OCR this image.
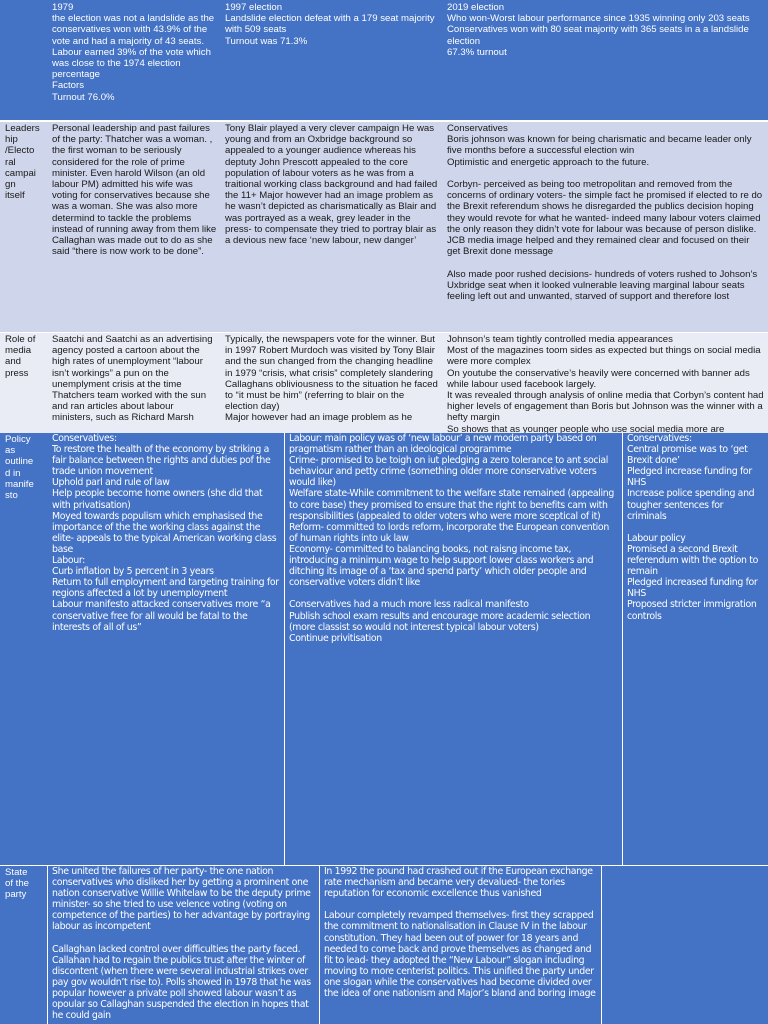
1979
the election was not a landslide as the conservatives won with 43.9% of the vote and had a majority of 43 seats. Labour earned 39% of the vote which was close to the 1974 election percentage
Factors
Turnout 76.0%
1997 election
Landslide election defeat with a 179 seat majority with 509 seats
Turnout was 71.3%
2019 election
Who won-Worst labour performance since 1935 winning only 203 seats
Conservatives won with 80 seat majority with 365 seats in a a landslide election
67.3% turnout
Leaders
hip
/Electo
ral
campai
gn
itself
Personal leadership and past failures of the party: Thatcher was a woman. , the first woman to be seriously considered for the role of prime minister. Even harold Wilson (an old labour PM) admitted his wife was voting for conservatives because she was a woman. She was also more determind to tackle the problems instead of running away from them like Callaghan was made out to do as she said “there is now work to be done”.
Tony Blair played a very clever campaign He was young and from an Oxbridge background so appealed to a younger audience whereas his deptuty John Prescott appealed to the core population of labour voters as he was from a traitional working class background and had failed the 11+ Major however had an image problem as he wasn’t depicted as charismatically as Blair and was portrayed as a weak, grey leader in the press- to compensate they tried to portray blair as a devious new face ‘new labour, new danger’
Conservatives
Boris johnson was known for being charismatic and became leader only five months before a successful election win
Optimistic and energetic approach to the future.

Corbyn- perceived as being too metropolitan and removed from the concerns of ordinary voters- the simple fact he promised if elected to re do the Brexit referendum shows he disregarded the publics decision hoping they would revote for what he wanted- indeed many labour voters claimed the only reason they didn’t vote for labour was because of person dislike. JCB media image helped and they remained clear and focused on their get Brexit done message

Also made poor rushed decisions- hundreds of voters rushed to Johson’s Uxbridge seat when it looked vulnerable leaving marginal labour seats feeling left out and unwanted, starved of support and therefore lost
Role of
media
and
press
Saatchi and Saatchi as an advertising agency posted a cartoon about the high rates of unemployment “labour isn’t workings” a pun on the unemplyment crisis at the time Thatchers team worked with the sun and ran articles about labour ministers, such as Richard Marsh
Typically, the newspapers vote for the winner. But in 1997 Robert Murdoch was visited by Tony Blair and the sun changed from the changing headline in 1979 “crisis, what crisis” completely slandering Callaghans obliviousness to the situation he faced to “it must be him” (referring to blair on the election day)
Major however had an image problem as he
Johnson’s team tightly controlled media appearances
Most of the magazines toom sides as expected but things on social media were more complex
On youtube the conservative’s heavily were concerned with banner ads while labour used facebook largely.
It was revealed through analysis of online media that Corbyn’s content had higher levels of engagement than Boris but Johnson was the winner with a hefty margin
So shows that as younger people who use social media more are
Policy
as
outline
d in
manife
sto
Conservatives:
To restore the health of the economy by striking a fair balance between the rights and duties pof the trade union movement
Uphold parl and rule of law
Help people become home owners (she did that with privatisation)
Moyed towards populism which emphasised the importance of the the working class against the elite- appeals to the typical American working class base
Labour:
Curb inflation by 5 percent in 3 years
Return to full employment and targeting training for regions affected a lot by unemployment
Labour manifesto attacked conservatives more “a conservative free for all would be fatal to the interests of all of us”
Labour: main policy was of ‘new labour’ a new modern party based on pragmatism rather than an ideological programme
Crime- promised to be toigh on iut pledging a zero tolerance to ant social behaviour and petty crime (something older more conservative voters would like)
Welfare state-While commitment to the welfare state remained (appealing to core base) they promised to ensure that the right to benefits cam with responsibilities (appealed to older voters who were more sceptical of it)
Reform- committed to lords reform, incorporate the European convention of human rights into uk law
Economy- committed to balancing books, not raisng income tax, introducing a minimum wage to help support lower class workers and ditching its image of a ‘tax and spend party’ which older people and conservative voters didn’t like

Conservatives had a much more less radical manifesto
Publish school exam results and encourage more academic selection (more classist so would not interest typical labour voters)
Continue privitisation
Conservatives:
Central promise was to ‘get Brexit done’
Pledged increase funding for NHS
Increase police spending and tougher sentences for criminals

Labour policy
Promised a second Brexit referendum with the option to remain
Pledged increased funding for NHS
Proposed stricter immigration controls
State
of the
party
She united the failures of her party- the one nation conservatives who disliked her by getting a prominent one nation conservative Willie Whitelaw to be the deputy prime minister- so she tried to use velence voting (voting on competence of the parties) to her advantage by portraying labour as incompetent

Callaghan lacked control over difficulties the party faced. Callahan had to regain the publics trust after the winter of discontent (when there were several industrial strikes over pay gov wouldn’t rise to). Polls showed in 1978 that he was popular however a private poll showed labour wasn’t as opoular so Callaghan suspended the election in hopes that he could gain
In 1992 the pound had crashed out if the European exchange rate mechanism and became very devalued- the tories reputation for economic excellence thus vanished

Labour completely revamped themselves- first they scrapped the commitment to nationalisation in Clause IV in the labour constitution. They had been out of power for 18 years and needed to come back and prove themselves as changed and fit to lead- they adopted the “New Labour” slogan including moving to more centerist politics. This unified the party under one slogan while the conservatives had become divided over the idea of one nationism and Major’s bland and boring image
